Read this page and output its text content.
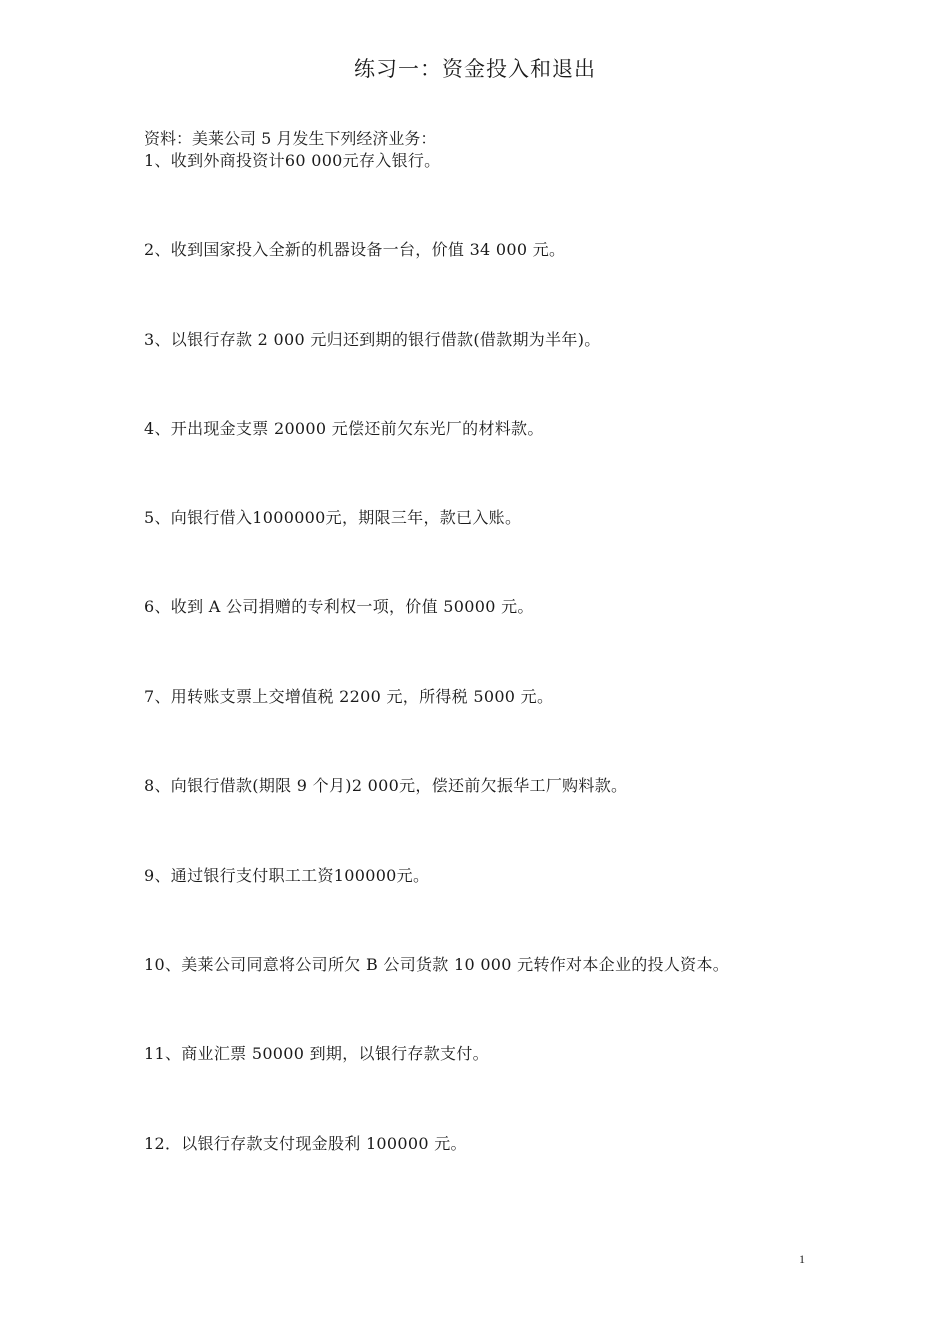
练习一：资金投入和退出
资料：美莱公司 5 月发生下列经济业务：
1、收到外商投资计60 000元存入银行。
2、收到国家投入全新的机器设备一台，价值 34 000 元。
3、以银行存款 2 000 元归还到期的银行借款(借款期为半年)。
4、开出现金支票 20000 元偿还前欠东光厂的材料款。
5、向银行借入1000000元，期限三年，款已入账。
6、收到 A 公司捐赠的专利权一项，价值 50000 元。
7、用转账支票上交增值税 2200 元，所得税 5000 元。
8、向银行借款(期限 9 个月)2 000元，偿还前欠振华工厂购料款。
9、通过银行支付职工工资100000元。
10、美莱公司同意将公司所欠 B 公司货款 10 000 元转作对本企业的投人资本。
11、商业汇票 50000 到期，以银行存款支付。
12．以银行存款支付现金股利 100000 元。
1
